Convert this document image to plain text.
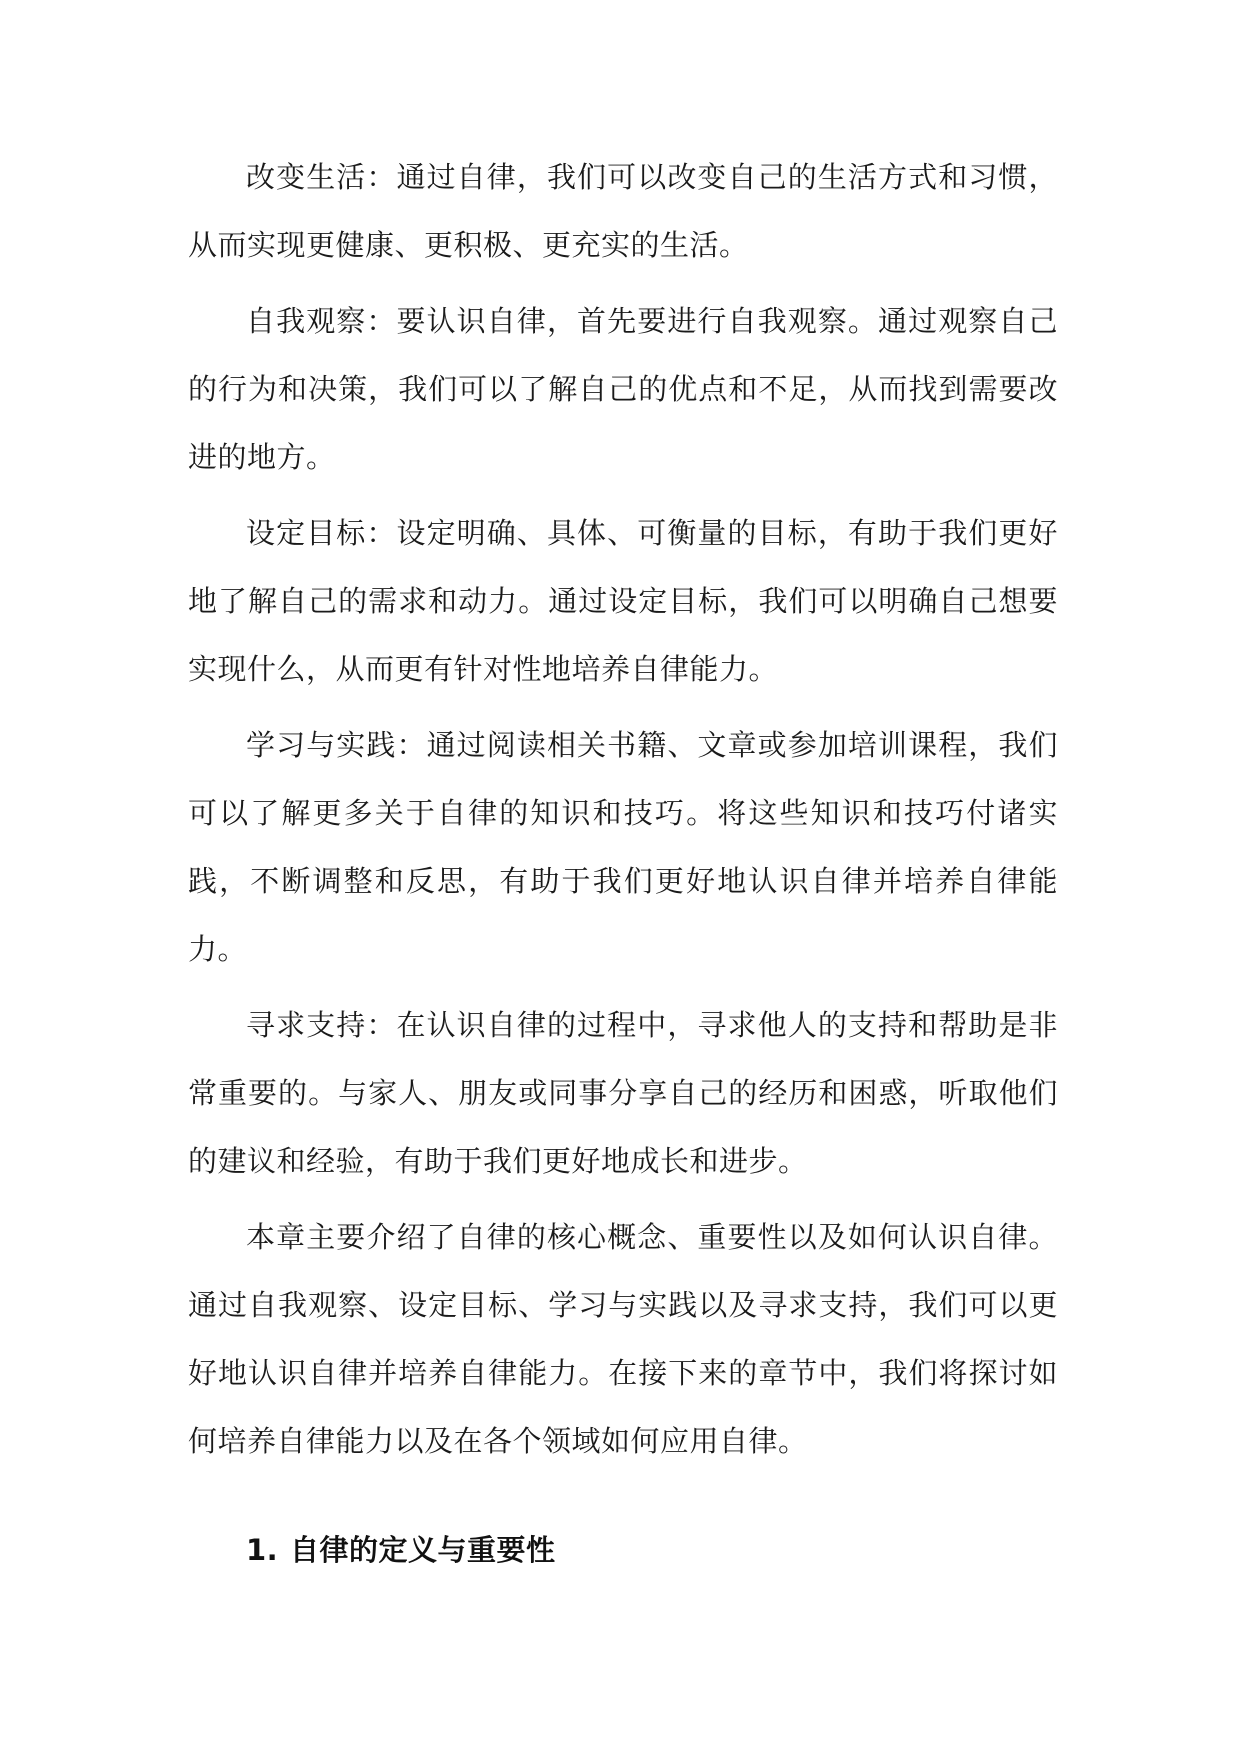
改变生活：通过自律，我们可以改变自己的生活方式和习惯，从而实现更健康、更积极、更充实的生活。

自我观察：要认识自律，首先要进行自我观察。通过观察自己的行为和决策，我们可以了解自己的优点和不足，从而找到需要改进的地方。

设定目标：设定明确、具体、可衡量的目标，有助于我们更好地了解自己的需求和动力。通过设定目标，我们可以明确自己想要实现什么，从而更有针对性地培养自律能力。

学习与实践：通过阅读相关书籍、文章或参加培训课程，我们可以了解更多关于自律的知识和技巧。将这些知识和技巧付诸实践，不断调整和反思，有助于我们更好地认识自律并培养自律能力。

寻求支持：在认识自律的过程中，寻求他人的支持和帮助是非常重要的。与家人、朋友或同事分享自己的经历和困惑，听取他们的建议和经验，有助于我们更好地成长和进步。

本章主要介绍了自律的核心概念、重要性以及如何认识自律。通过自我观察、设定目标、学习与实践以及寻求支持，我们可以更好地认识自律并培养自律能力。在接下来的章节中，我们将探讨如何培养自律能力以及在各个领域如何应用自律。

1. 自律的定义与重要性
